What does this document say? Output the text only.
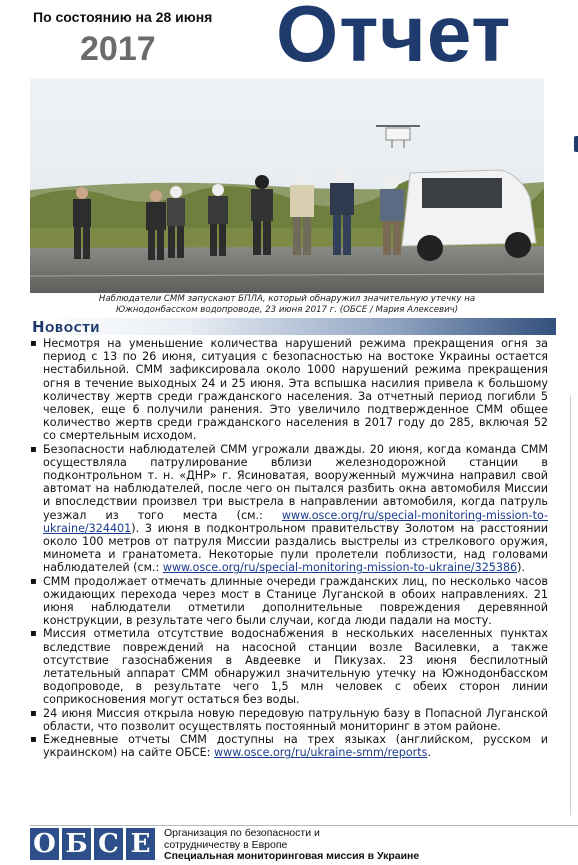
По состоянию на 28 июня
2017 Отчет
Наблюдатели СММ запускают БПЛА, который обнаружил значительную утечку на
Южнодонбасском водопроводе, 23 июня 2017 г. (ОБСЕ / Мария Алексевич)
Новости

▪ Несмотря на уменьшение количества нарушений режима прекращения огня за период с 13 по 26 июня, ситуация с безопасностью на востоке Украины остается нестабильной. СММ зафиксировала около 1000 нарушений режима прекращения огня в течение выходных 24 и 25 июня. Эта вспышка насилия привела к большому количеству жертв среди гражданского населения. За отчетный период погибли 5 человек, еще 6 получили ранения. Это увеличило подтвержденное СММ общее количество жертв среди гражданского населения в 2017 году до 285, включая 52 со смертельным исходом.

▪ Безопасности наблюдателей СММ угрожали дважды. 20 июня, когда команда СММ осуществляла патрулирование вблизи железнодорожной станции в подконтрольном т. н. «ДНР» г. Ясиноватая, вооруженный мужчина направил свой автомат на наблюдателей, после чего он пытался разбить окна автомобиля Миссии и впоследствии произвел три выстрела в направлении автомобиля, когда патруль уезжал из того места (см.: www.osce.org/ru/special-monitoring-mission-to-ukraine/324401). 3 июня в подконтрольном правительству Золотом на расстоянии около 100 метров от патруля Миссии раздались выстрелы из стрелкового оружия, миномета и гранатомета. Некоторые пули пролетели поблизости, над головами наблюдателей (см.: www.osce.org/ru/special-monitoring-mission-to-ukraine/325386).

▪ СММ продолжает отмечать длинные очереди гражданских лиц, по несколько часов ожидающих перехода через мост в Станице Луганской в обоих направлениях. 21 июня наблюдатели отметили дополнительные повреждения деревянной конструкции, в результате чего были случаи, когда люди падали на мосту.

▪ Миссия отметила отсутствие водоснабжения в нескольких населенных пунктах вследствие повреждений на насосной станции возле Василевки, а также отсутствие газоснабжения в Авдеевке и Пикузах. 23 июня беспилотный летательный аппарат СММ обнаружил значительную утечку на Южнодонбасском водопроводе, в результате чего 1,5 млн человек с обеих сторон линии соприкосновения могут остаться без воды.

▪ 24 июня Миссия открыла новую передовую патрульную базу в Попасной Луганской области, что позволит осуществлять постоянный мониторинг в этом районе.

▪ Ежедневные отчеты СММ доступны на трех языках (английском, русском и украинском) на сайте ОБСЕ: www.osce.org/ru/ukraine-smm/reports.

О Б С Е	Организация по безопасности и
сотрудничеству в Европе
Специальная мониторинговая миссия в Украине
